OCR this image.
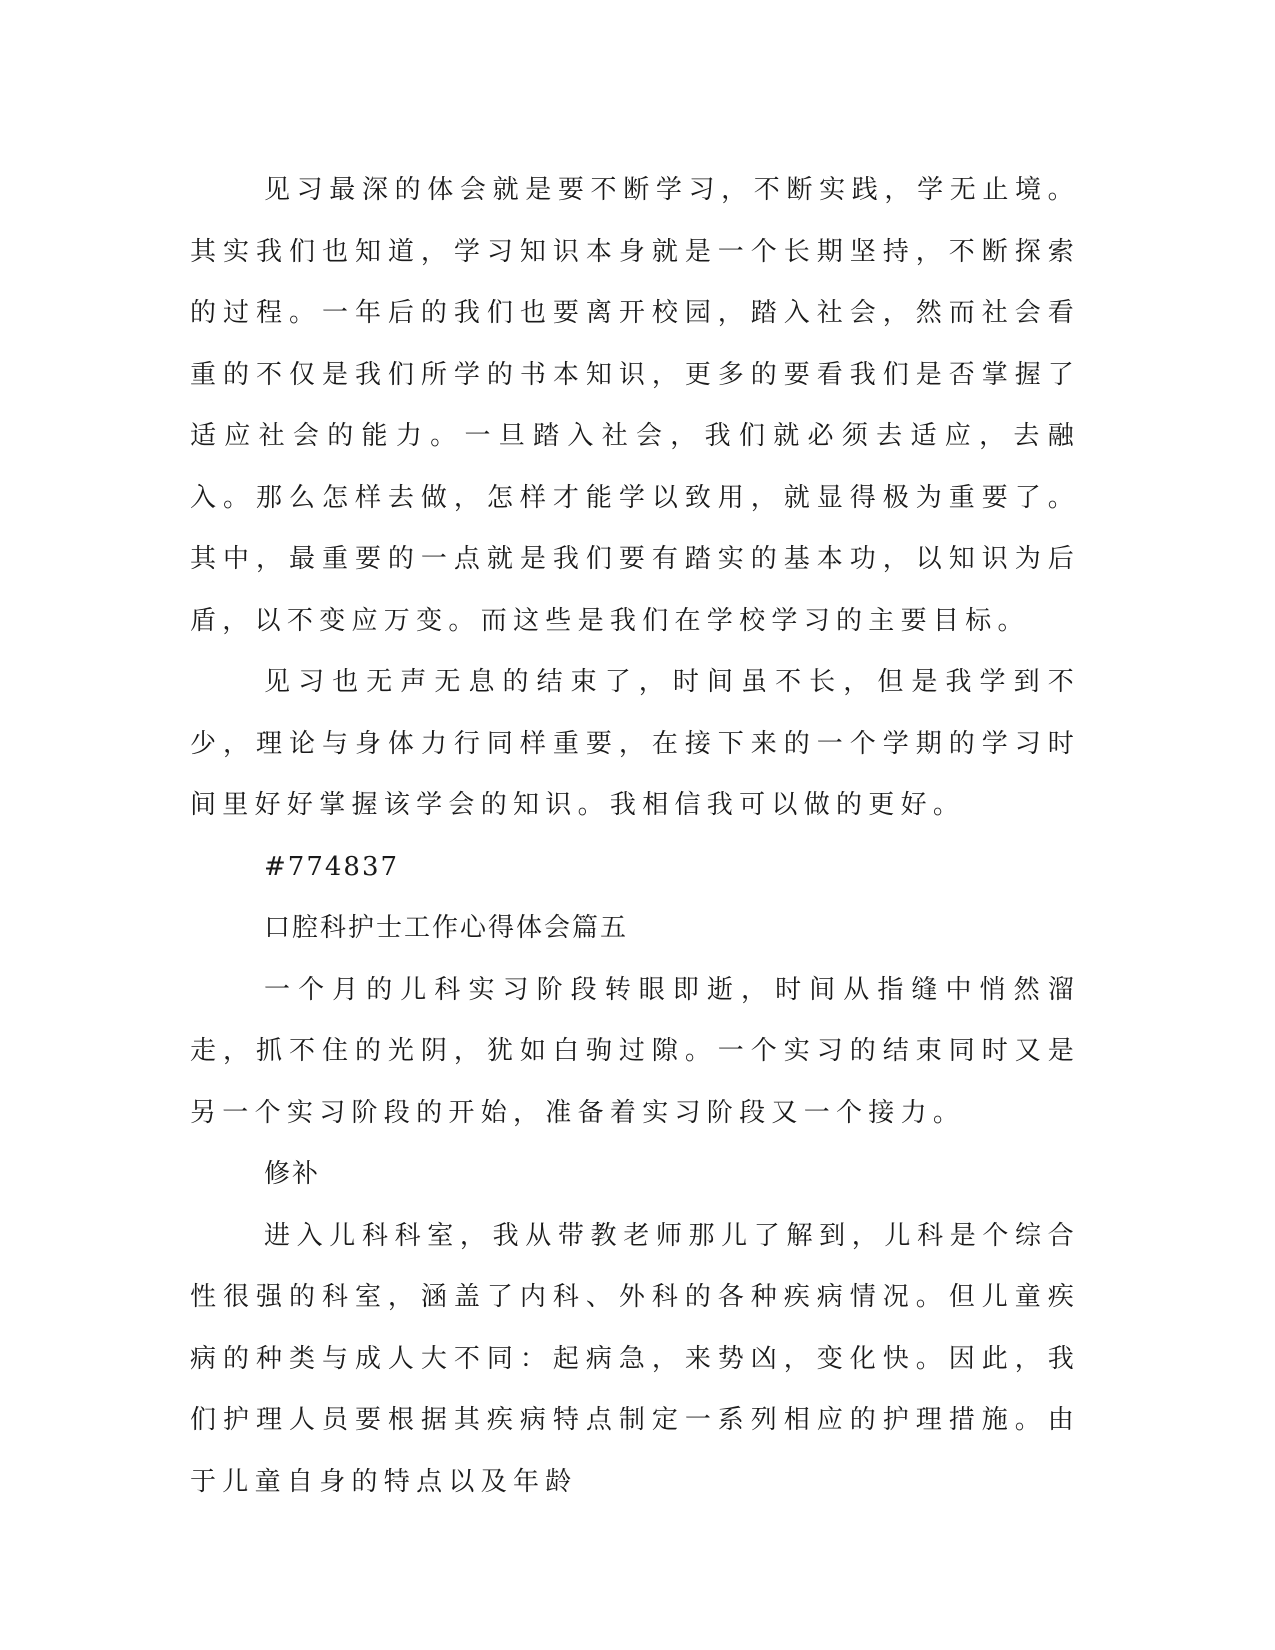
见习最深的体会就是要不断学习，不断实践，学无止境。其实我们也知道，学习知识本身就是一个长期坚持，不断探索的过程。一年后的我们也要离开校园，踏入社会，然而社会看重的不仅是我们所学的书本知识，更多的要看我们是否掌握了适应社会的能力。一旦踏入社会，我们就必须去适应，去融入。那么怎样去做，怎样才能学以致用，就显得极为重要了。其中，最重要的一点就是我们要有踏实的基本功，以知识为后盾，以不变应万变。而这些是我们在学校学习的主要目标。

见习也无声无息的结束了，时间虽不长，但是我学到不少，理论与身体力行同样重要，在接下来的一个学期的学习时间里好好掌握该学会的知识。我相信我可以做的更好。

#774837

口腔科护士工作心得体会篇五

一个月的儿科实习阶段转眼即逝，时间从指缝中悄然溜走，抓不住的光阴，犹如白驹过隙。一个实习的结束同时又是另一个实习阶段的开始，准备着实习阶段又一个接力。

修补

进入儿科科室，我从带教老师那儿了解到，儿科是个综合性很强的科室，涵盖了内科、外科的各种疾病情况。但儿童疾病的种类与成人大不同：起病急，来势凶，变化快。因此，我们护理人员要根据其疾病特点制定一系列相应的护理措施。由于儿童自身的特点以及年龄
